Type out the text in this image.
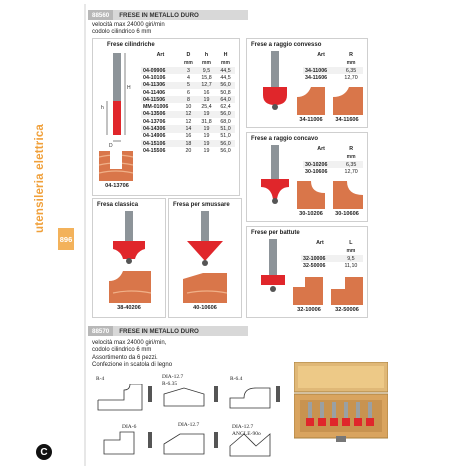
utensileria elettrica
896
C
88560	FRESE IN METALLO DURO
velocità max 24000 giri/min
codolo cilindrico 6 mm
Frese cilindriche
H
h
D
04-13706
Art	D	h	H
	mm	mm	mm
04-09906	3	9,5	44,5
04-10106	4	15,8	44,5
04-11306	5	12,7	56,0
04-11406	6	16	50,8
04-11506	8	19	64,0
MM-01006	10	25,4	62,4
04-13506	12	19	56,0
04-13706	12	31,8	68,0
04-14306	14	19	51,0
04-14906	16	19	51,0
04-15106	18	19	56,0
04-15506	20	19	56,0
Frese a raggio convesso
Art	R
	mm
34-11006	6,35
34-11606	12,70
34-11006	34-11606
Frese a raggio concavo
Art	R
	mm
30-10206	6,35
30-10606	12,70
30-10206	30-10606
Fresa classica
38-40206
Fresa per smussare
40-10606
Frese per battute
Art	L
	mm
32-10006	9,5
32-50006	11,10
32-10006	32-50006
88570	FRESE IN METALLO DURO
velocità max 24000 giri/min,
codolo cilindrico 6 mm
Assortimento da 6 pezzi.
Confezione in scatola di legno
R-4	DIA-12.7
R-6.35
R-6.4
DIA-6	DIA-12.7	DIA-12.7
ANGLE-90o
